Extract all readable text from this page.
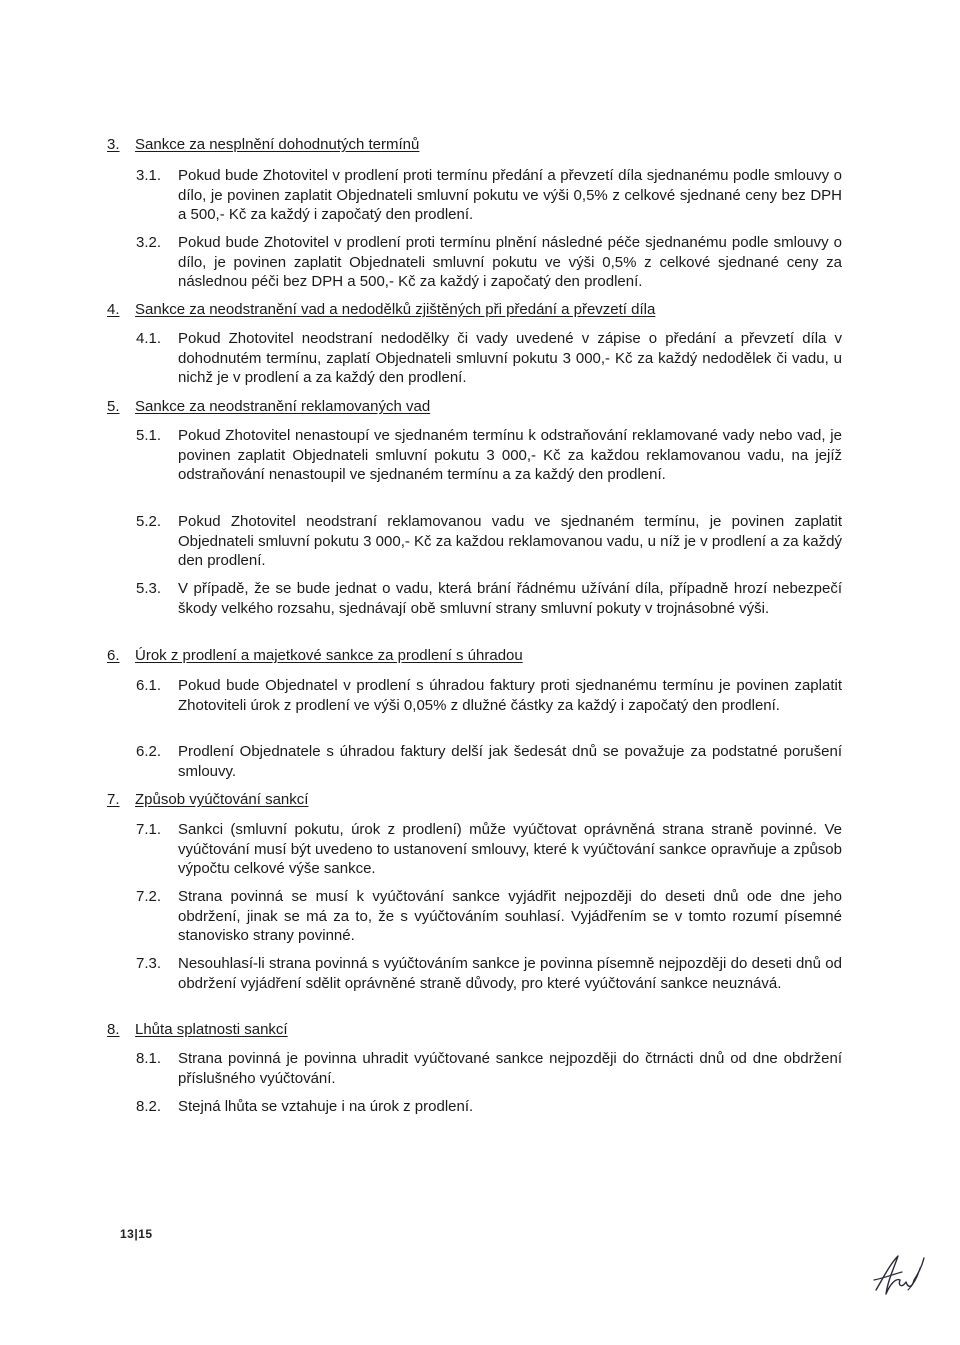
3.	Sankce za nesplnění dohodnutých termínů
3.1.	Pokud bude Zhotovitel v prodlení proti termínu předání a převzetí díla sjednanému podle smlouvy o dílo, je povinen zaplatit Objednateli smluvní pokutu ve výši 0,5% z celkové sjednané ceny bez DPH a 500,- Kč za každý i započatý den prodlení.
3.2.	Pokud bude Zhotovitel v prodlení proti termínu plnění následné péče sjednanému podle smlouvy o dílo, je povinen zaplatit Objednateli smluvní pokutu ve výši 0,5% z celkové sjednané ceny za následnou péči bez DPH a 500,- Kč za každý i započatý den prodlení.
4.	Sankce za neodstranění vad a nedodělků zjištěných při předání a převzetí díla
4.1.	Pokud Zhotovitel neodstraní nedodělky či vady uvedené v zápise o předání a převzetí díla v dohodnutém termínu, zaplatí Objednateli smluvní pokutu 3 000,- Kč za každý nedodělek či vadu, u nichž je v prodlení a za každý den prodlení.
5.	Sankce za neodstranění reklamovaných vad
5.1.	Pokud Zhotovitel nenastoupí ve sjednaném termínu k odstraňování reklamované vady nebo vad, je povinen zaplatit Objednateli smluvní pokutu 3 000,- Kč za každou reklamovanou vadu, na jejíž odstraňování nenastoupil ve sjednaném termínu a za každý den prodlení.
5.2.	Pokud Zhotovitel neodstraní reklamovanou vadu ve sjednaném termínu, je povinen zaplatit Objednateli smluvní pokutu 3 000,- Kč za každou reklamovanou vadu, u níž je v prodlení a za každý den prodlení.
5.3.	V případě, že se bude jednat o vadu, která brání řádnému užívání díla, případně hrozí nebezpečí škody velkého rozsahu, sjednávají obě smluvní strany smluvní pokuty v trojnásobné výši.
6.	Úrok z prodlení a majetkové sankce za prodlení s úhradou
6.1.	Pokud bude Objednatel v prodlení s úhradou faktury proti sjednanému termínu je povinen zaplatit Zhotoviteli úrok z prodlení ve výši 0,05% z dlužné částky za každý i započatý den prodlení.
6.2.	Prodlení Objednatele s úhradou faktury delší jak šedesát dnů se považuje za podstatné porušení smlouvy.
7.	Způsob vyúčtování sankcí
7.1.	Sankci (smluvní pokutu, úrok z prodlení) může vyúčtovat oprávněná strana straně povinné. Ve vyúčtování musí být uvedeno to ustanovení smlouvy, které k vyúčtování sankce opravňuje a způsob výpočtu celkové výše sankce.
7.2.	Strana povinná se musí k vyúčtování sankce vyjádřit nejpozději do deseti dnů ode dne jeho obdržení, jinak se má za to, že s vyúčtováním souhlasí. Vyjádřením se v tomto rozumí písemné stanovisko strany povinné.
7.3.	Nesouhlasí-li strana povinná s vyúčtováním sankce je povinna písemně nejpozději do deseti dnů od obdržení vyjádření sdělit oprávněné straně důvody, pro které vyúčtování sankce neuznává.
8.	Lhůta splatnosti sankcí
8.1.	Strana povinná je povinna uhradit vyúčtované sankce nejpozději do čtrnácti dnů od dne obdržení příslušného vyúčtování.
8.2.	Stejná lhůta se vztahuje i na úrok z prodlení.
13|15
